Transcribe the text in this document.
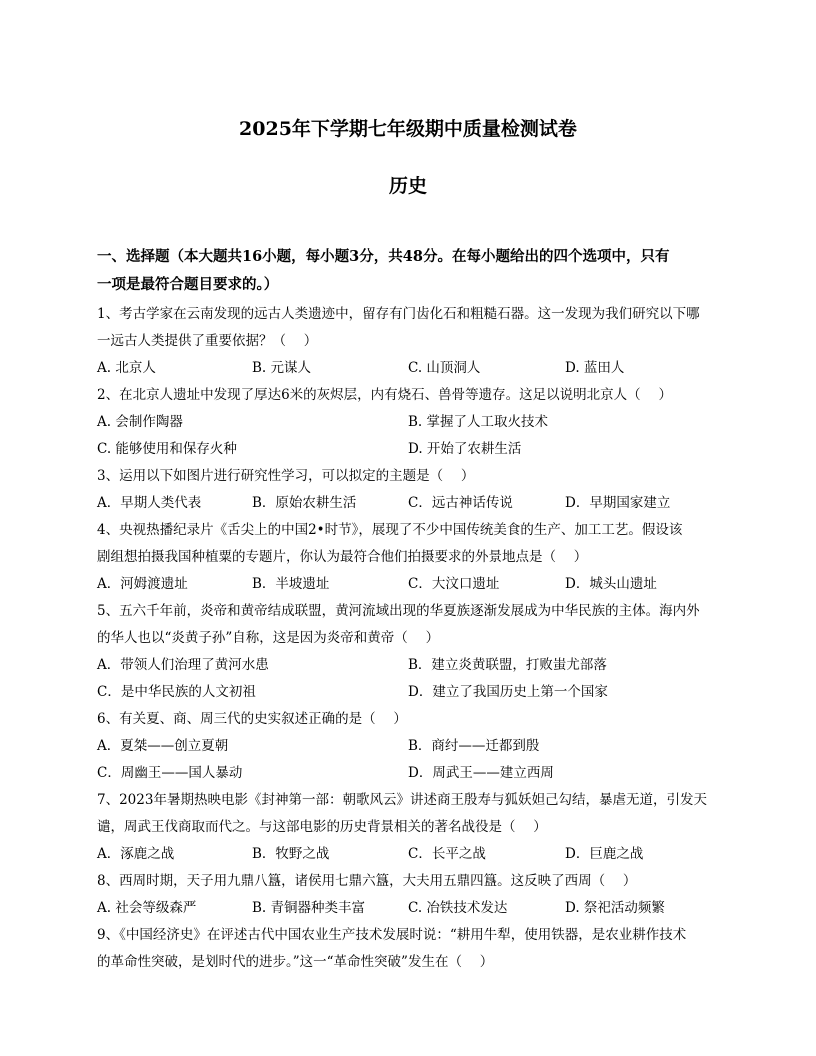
2025年下学期七年级期中质量检测试卷
历史
一、选择题（本大题共16小题，每小题3分，共48分。在每小题给出的四个选项中，只有
一项是最符合题目要求的。）
1、考古学家在云南发现的远古人类遗迹中，留存有门齿化石和粗糙石器。这一发现为我们研究以下哪
一远古人类提供了重要依据？（　 ）
A. 北京人	B. 元谋人	C. 山顶洞人	D. 蓝田人
2、在北京人遗址中发现了厚达6米的灰烬层，内有烧石、兽骨等遗存。这足以说明北京人（　 ）
A. 会制作陶器	B. 掌握了人工取火技术
C. 能够使用和保存火种	D. 开始了农耕生活
3、运用以下如图片进行研究性学习，可以拟定的主题是（　 ）
A．早期人类代表	B．原始农耕生活	C．远古神话传说	D．早期国家建立
4、央视热播纪录片《舌尖上的中国2•时节》，展现了不少中国传统美食的生产、加工工艺。假设该
剧组想拍摄我国种植粟的专题片，你认为最符合他们拍摄要求的外景地点是（　 ）
A．河姆渡遗址	B．半坡遗址	C．大汶口遗址	D．城头山遗址
5、五六千年前，炎帝和黄帝结成联盟，黄河流域出现的华夏族逐渐发展成为中华民族的主体。海内外
的华人也以“炎黄子孙”自称，这是因为炎帝和黄帝（　 ）
A．带领人们治理了黄河水患	B．建立炎黄联盟，打败蚩尤部落
C．是中华民族的人文初祖	D．建立了我国历史上第一个国家
6、有关夏、商、周三代的史实叙述正确的是（　 ）
A．夏桀——创立夏朝	B．商纣——迁都到殷
C．周幽王——国人暴动	D．周武王——建立西周
7、2023年暑期热映电影《封神第一部：朝歌风云》讲述商王殷寿与狐妖妲己勾结，暴虐无道，引发天
谴，周武王伐商取而代之。与这部电影的历史背景相关的著名战役是（　 ）
A．涿鹿之战	B．牧野之战	C．长平之战	D．巨鹿之战
8、西周时期，天子用九鼎八簋，诸侯用七鼎六簋，大夫用五鼎四簋。这反映了西周（　 ）
A. 社会等级森严	B. 青铜器种类丰富	C. 冶铁技术发达	D. 祭祀活动频繁
9、《中国经济史》在评述古代中国农业生产技术发展时说：“耕用牛犁，使用铁器，是农业耕作技术
的革命性突破，是划时代的进步。”这一“革命性突破”发生在（　 ）
